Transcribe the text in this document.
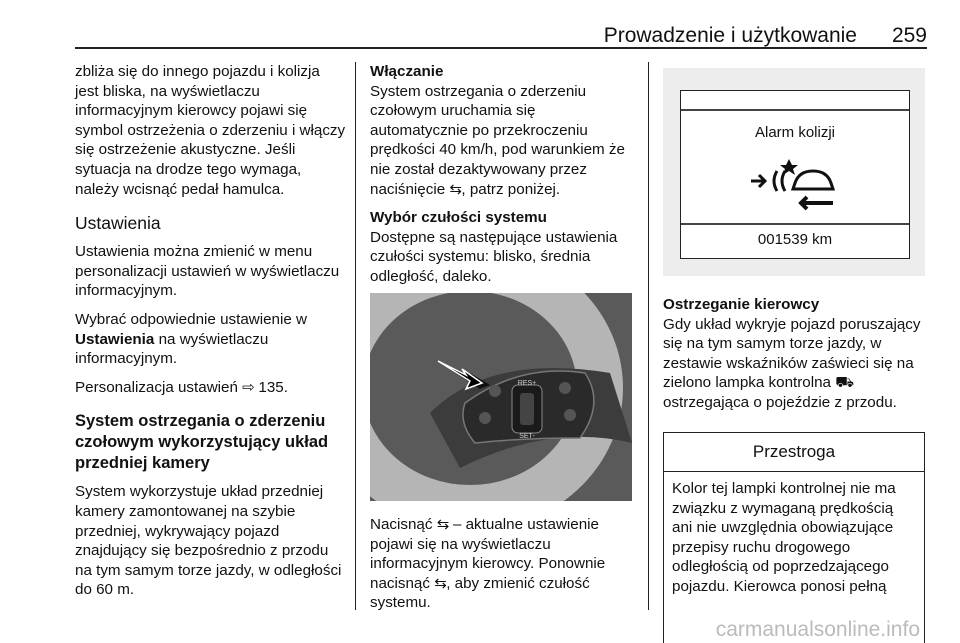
Prowadzenie i użytkowanie 259

zbliża się do innego pojazdu i kolizja jest bliska, na wyświetlaczu informacyjnym kierowcy pojawi się symbol ostrzeżenia o zderzeniu i włączy się ostrzeżenie akustyczne. Jeśli sytuacja na drodze tego wymaga, należy wcisnąć pedał hamulca.

Ustawienia

Ustawienia można zmienić w menu personalizacji ustawień w wyświetlaczu informacyjnym.

Wybrać odpowiednie ustawienie w Ustawienia na wyświetlaczu informacyjnym.

Personalizacja ustawień ⇨ 135.

System ostrzegania o zderzeniu czołowym wykorzystujący układ przedniej kamery

System wykorzystuje układ przedniej kamery zamontowanej na szybie przedniej, wykrywający pojazd znajdujący się bezpośrednio z przodu na tym samym torze jazdy, w odległości do 60 m.

Włączanie
System ostrzegania o zderzeniu czołowym uruchamia się automatycznie po przekroczeniu prędkości 40 km/h, pod warunkiem że nie został dezaktywowany przez naciśnięcie ⇆, patrz poniżej.

Wybór czułości systemu
Dostępne są następujące ustawienia czułości systemu: blisko, średnia odległość, daleko.

RES+
SET-

Nacisnąć ⇆ – aktualne ustawienie pojawi się na wyświetlaczu informacyjnym kierowcy. Ponownie nacisnąć ⇆, aby zmienić czułość systemu.

Alarm kolizji
001539 km

Ostrzeganie kierowcy
Gdy układ wykryje pojazd poruszający się na tym samym torze jazdy, w zestawie wskaźników zaświeci się na zielono lampka kontrolna ⛟ ostrzegająca o pojeździe z przodu.

Przestroga
Kolor tej lampki kontrolnej nie ma związku z wymaganą prędkością ani nie uwzględnia obowiązujące przepisy ruchu drogowego odległością od poprzedzającego pojazdu. Kierowca ponosi pełną
carmanualsonline.info
